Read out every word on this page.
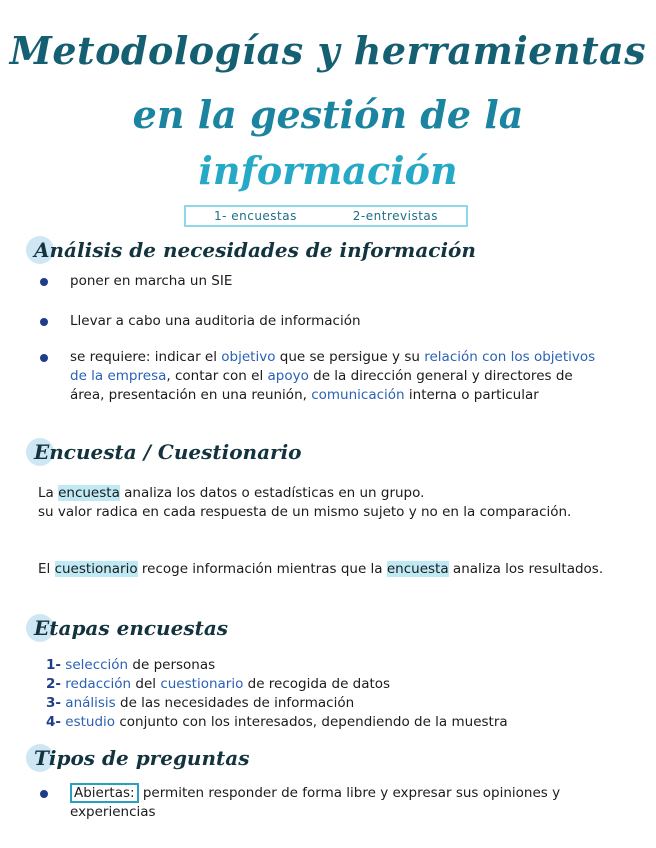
Metodologías y herramientas
en la gestión de la
información
1- encuestas	2-entrevistas
Análisis de necesidades de información

poner en marcha un SIE

Llevar a cabo una auditoria de información

se requiere: indicar el objetivo que se persigue y su relación con los objetivos de la empresa, contar con el apoyo de la dirección general y directores de área, presentación en una reunión, comunicación interna o particular

Encuesta / Cuestionario

La encuesta analiza los datos o estadísticas en un grupo.
su valor radica en cada respuesta de un mismo sujeto y no en la comparación.

El cuestionario recoge información mientras que la encuesta analiza los resultados.

Etapas encuestas

1- selección de personas

2- redacción del cuestionario de recogida de datos

3- análisis de las necesidades de información

4- estudio conjunto con los interesados, dependiendo de la muestra

Tipos de preguntas

Abiertas: permiten responder de forma libre y expresar sus opiniones y experiencias
